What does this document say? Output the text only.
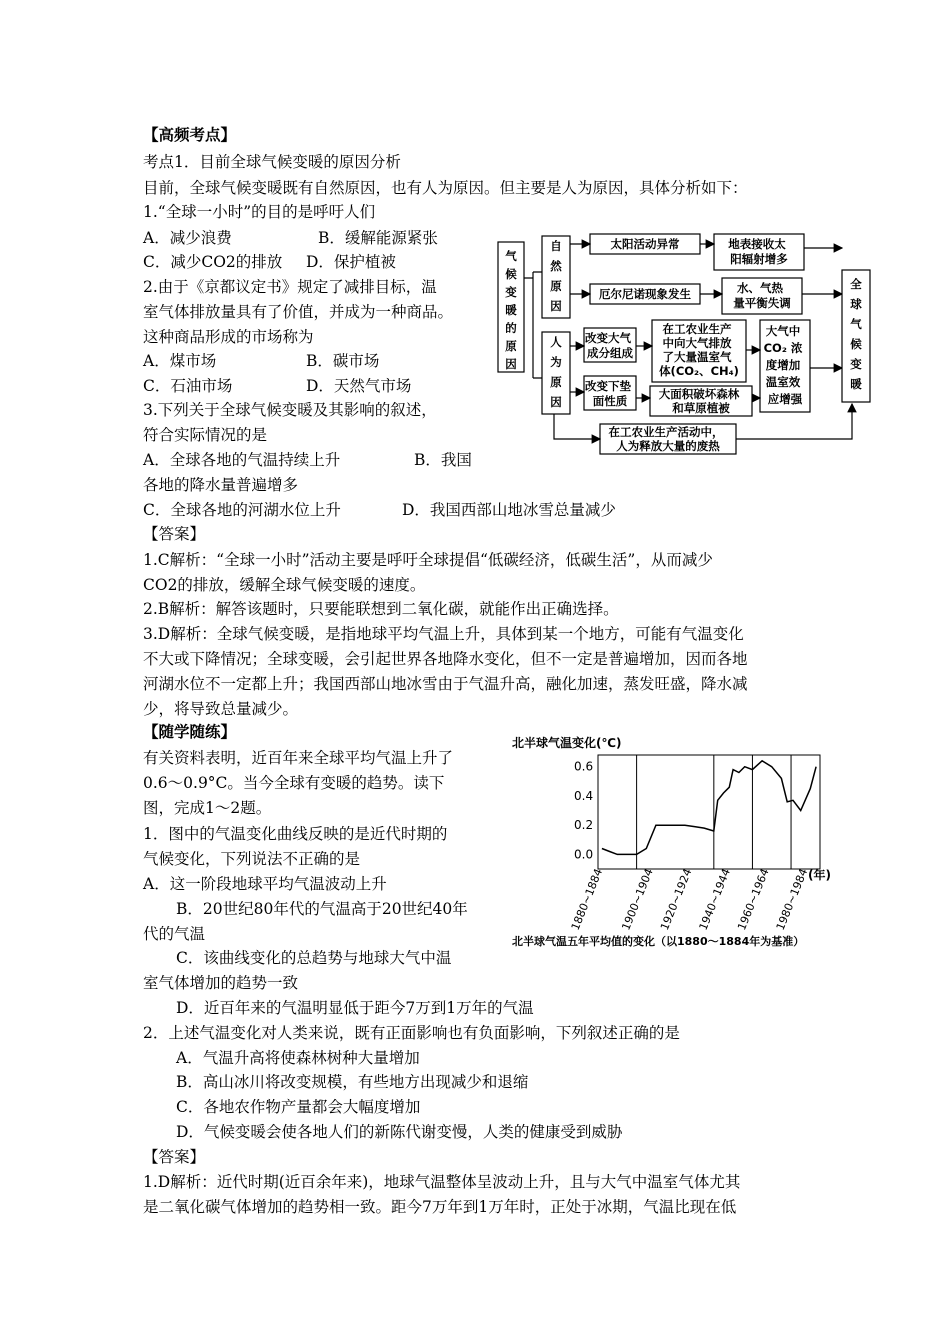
【高频考点】
考点1．目前全球气候变暖的原因分析
目前，全球气候变暖既有自然原因，也有人为原因。但主要是人为原因，具体分析如下：
1.“全球一小时”的目的是呼吁人们
A．减少浪费	B．缓解能源紧张
C．减少CO2的排放 D．保护植被
2.由于《京都议定书》规定了减排目标，温
室气体排放量具有了价值，并成为一种商品。
这种商品形成的市场称为
A．煤市场	B．碳市场
C．石油市场	D．天然气市场
3.下列关于全球气候变暖及其影响的叙述，
符合实际情况的是
A．全球各地的气温持续上升	B．我国
各地的降水量普遍增多
C．全球各地的河湖水位上升	D．我国西部山地冰雪总量减少
【答案】
1.C解析：“全球一小时”活动主要是呼吁全球提倡“低碳经济，低碳生活”，从而减少
CO2的排放，缓解全球气候变暖的速度。
2.B解析：解答该题时，只要能联想到二氧化碳，就能作出正确选择。
3.D解析：全球气候变暖，是指地球平均气温上升，具体到某一个地方，可能有气温变化
不大或下降情况；全球变暖，会引起世界各地降水变化，但不一定是普遍增加，因而各地
河湖水位不一定都上升；我国西部山地冰雪由于气温升高，融化加速，蒸发旺盛，降水减
少，将导致总量减少。
气候变暖的原因
自然原因
人为原因
太阳活动异常	地表接收太 阳辐射增多
厄尔尼诺现象发生	水、气热 量平衡失调
改变大气 成分组成
在工农业生产 中向大气排放 了大量温室气 体(CO₂、CH₄)
改变下垫 面性质	大面积破坏森林 和草原植被
大气中 CO₂ 浓 度增加 温室效 应增强
在工农业生产活动中， 人为释放大量的废热
全球气候变暖
【随学随练】
有关资料表明，近百年来全球平均气温上升了
0.6～0.9°C。当今全球有变暖的趋势。读下
图，完成1～2题。
1．图中的气温变化曲线反映的是近代时期的
气候变化，下列说法不正确的是
A．这一阶段地球平均气温波动上升
B．20世纪80年代的气温高于20世纪40年
代的气温
C．该曲线变化的总趋势与地球大气中温
室气体增加的趋势一致
D．近百年来的气温明显低于距今7万到1万年的气温
2．上述气温变化对人类来说，既有正面影响也有负面影响，下列叙述正确的是
A．气温升高将使森林树种大量增加
B．高山冰川将改变规模，有些地方出现减少和退缩
C．各地农作物产量都会大幅度增加
D．气候变暖会使各地人们的新陈代谢变慢，人类的健康受到威胁
【答案】
1.D解析：近代时期(近百余年来)，地球气温整体呈波动上升，且与大气中温室气体尤其
是二氧化碳气体增加的趋势相一致。距今7万年到1万年时，正处于冰期，气温比现在低
北半球气温变化(℃)
0.6
0.4
0.2
0.0
1880~1884 1900~1904 1920~1924 1940~1944 1960~1964 1980~1984
(年)
北半球气温五年平均值的变化（以1880～1884年为基准）
